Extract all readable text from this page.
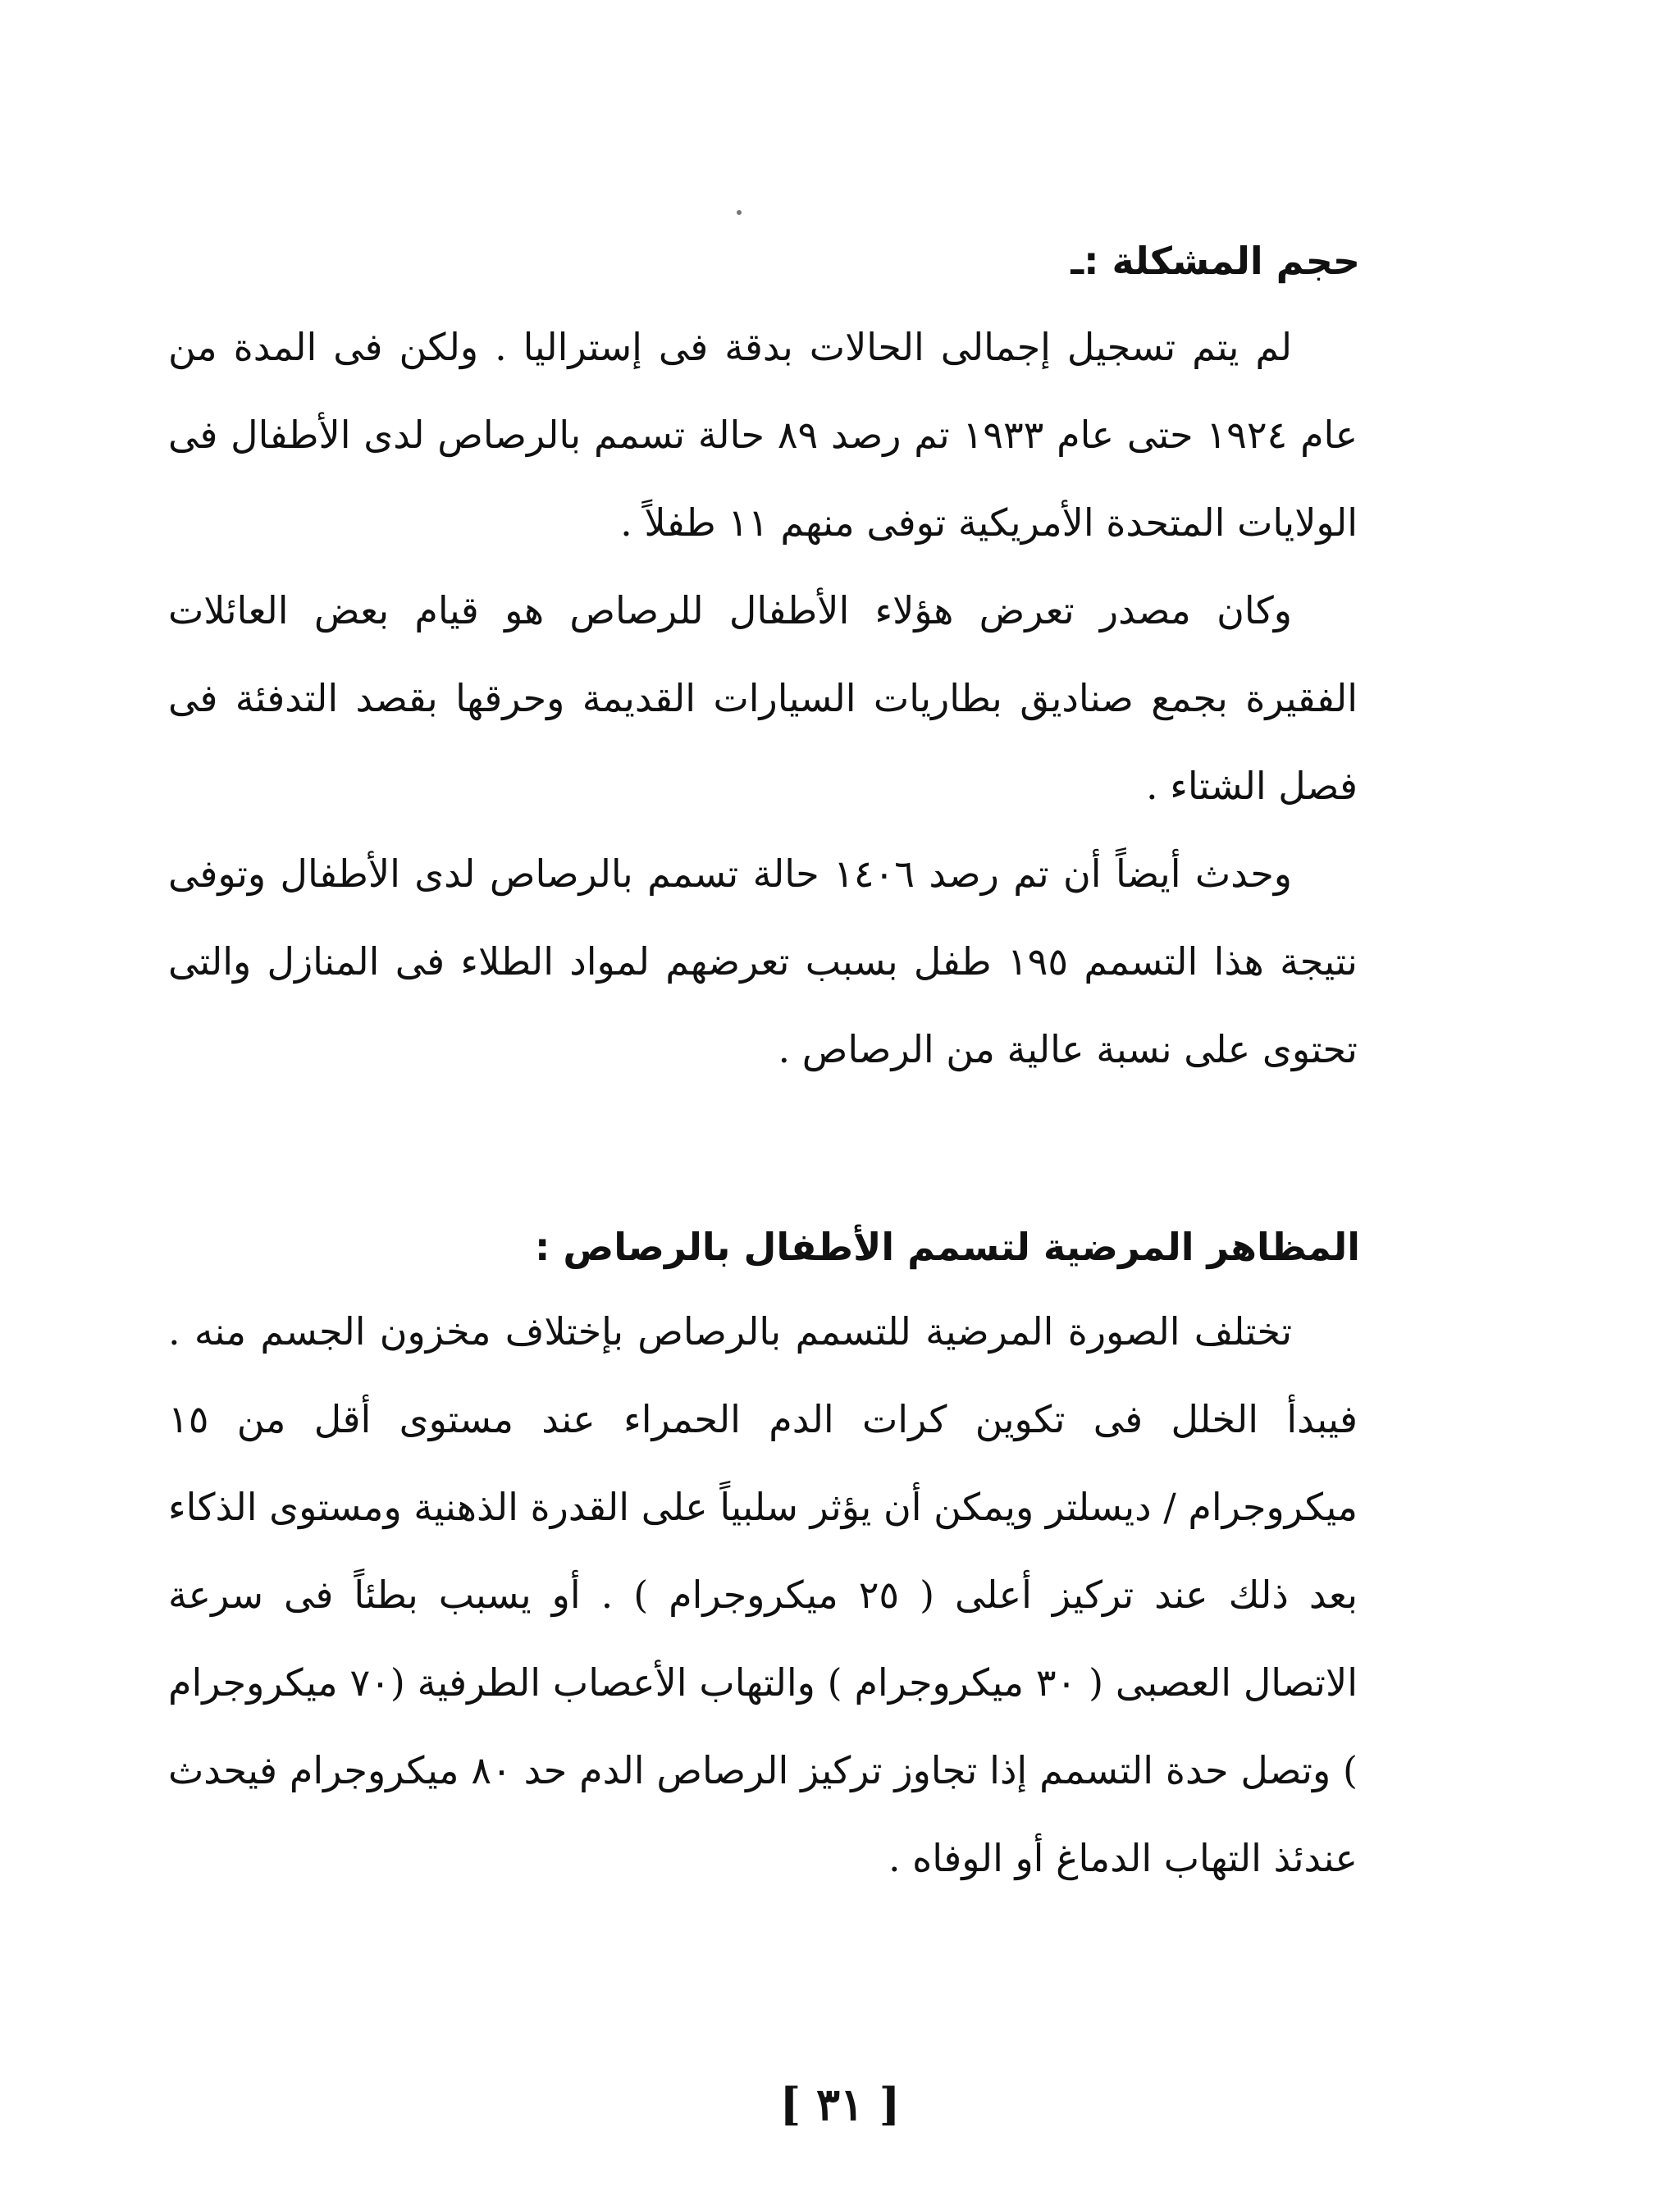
حجم المشكلة :ـ

لم يتم تسجيل إجمالى الحالات بدقة فى إستراليا . ولكن فى المدة من عام ١٩٢٤ حتى عام ١٩٣٣ تم رصد ٨٩ حالة تسمم بالرصاص لدى الأطفال فى الولايات المتحدة الأمريكية توفى منهم ١١ طفلاً .

وكان مصدر تعرض هؤلاء الأطفال للرصاص هو قيام بعض العائلات الفقيرة بجمع صناديق بطاريات السيارات القديمة وحرقها بقصد التدفئة فى فصل الشتاء .

وحدث أيضاً أن تم رصد ١٤٠٦ حالة تسمم بالرصاص لدى الأطفال وتوفى نتيجة هذا التسمم ١٩٥ طفل بسبب تعرضهم لمواد الطلاء فى المنازل والتى تحتوى على نسبة عالية من الرصاص .

المظاهر المرضية لتسمم الأطفال بالرصاص :

تختلف الصورة المرضية للتسمم بالرصاص بإختلاف مخزون الجسم منه . فيبدأ الخلل فى تكوين كرات الدم الحمراء عند مستوى أقل من ١٥ ميكروجرام / ديسلتر ويمكن أن يؤثر سلبياً على القدرة الذهنية ومستوى الذكاء بعد ذلك عند تركيز أعلى ( ٢٥ ميكروجرام ) . أو يسبب بطئاً فى سرعة الاتصال العصبى ( ٣٠ ميكروجرام ) والتهاب الأعصاب الطرفية (٧٠ ميكروجرام ) وتصل حدة التسمم إذا تجاوز تركيز الرصاص الدم حد ٨٠ ميكروجرام فيحدث عندئذ التهاب الدماغ أو الوفاه .

[ ٣١ ]
